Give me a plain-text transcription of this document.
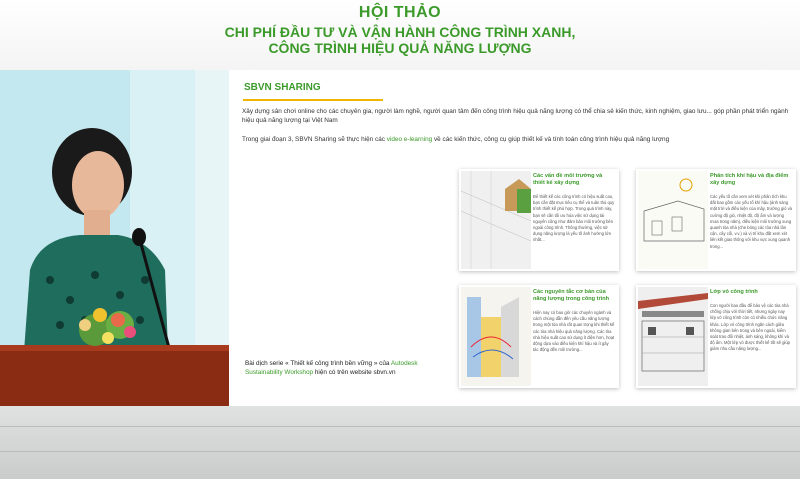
HỘI THẢO
CHI PHÍ ĐẦU TƯ VÀ VẬN HÀNH CÔNG TRÌNH XANH,
CÔNG TRÌNH HIỆU QUẢ NĂNG LƯỢNG
SBVN SHARING
Xây dựng sân chơi online cho các chuyên gia, người làm nghề, người quan tâm đến công trình hiệu quả năng lượng có thể chia sẻ kiến thức, kinh nghiệm, giao lưu... góp phần phát triển ngành hiệu quả năng lượng tại Việt Nam
Trong giai đoạn 3, SBVN Sharing sẽ thực hiện các video e-learning về các kiến thức, công cụ giúp thiết kế và tính toán công trình hiệu quả năng lượng
Các vấn đề môi trường và thiết kế xây dựng
Để thiết kế các công trình có hiệu suất cao, bạn cần đặt mục tiêu cụ thể và tuân thủ quy trình thiết kế phù hợp. Trong quá trình này, bạn sẽ cần tối ưu hóa việc sử dụng tài nguyên cũng như đảm bảo môi trường bên ngoài công trình. Thông thường, việc sử dụng năng lượng là yếu tố ảnh hưởng lớn nhất...
Phân tích khí hậu và địa điểm xây dựng
Các yếu tố cần xem xét khi phân tích khu đất bao gồm các yếu tố khí hậu (ánh sáng mặt trời và điều kiện của mây, trường gió và cường độ gió, nhiệt độ, độ ẩm và lượng mưa trong năm), điều kiện môi trường xung quanh tòa nhà (che bóng các tòa nhà lân cận, cây cối, v.v.) và vị trí khu đất xem xét liên kết giao thông với khu vực xung quanh trong...
Các nguyên tắc cơ bản của năng lượng trong công trình
Hiện nay có bao giờ các chuyên ngành và cách chúng dẫn đến yêu cầu năng lượng trong một tòa nhà rất quan trọng khi thiết kế các tòa nhà hiệu quả năng lượng. Các tòa nhà hiệu suất cao sử dụng ít điện hơn, hoạt động dựa vào điều kiện khí hậu và ít gây tác động đến môi trường...
Lớp vỏ công trình
Con người bao đầu để bảo vệ các tòa nhà chống chịu với thời tiết, nhưng ngày nay lớp vỏ công trình còn có nhiều chức năng khác. Lớp vỏ công trình ngăn cách giữa không gian bên trong và bên ngoài, kiểm soát trao đổi nhiệt, ánh sáng, không khí và độ ẩm. Một lớp vỏ được thiết kế tốt sẽ giúp giảm nhu cầu năng lượng...
Bài dịch serie « Thiết kế công trình bền vững » của Autodesk Sustainability Workshop hiện có trên website sbvn.vn
